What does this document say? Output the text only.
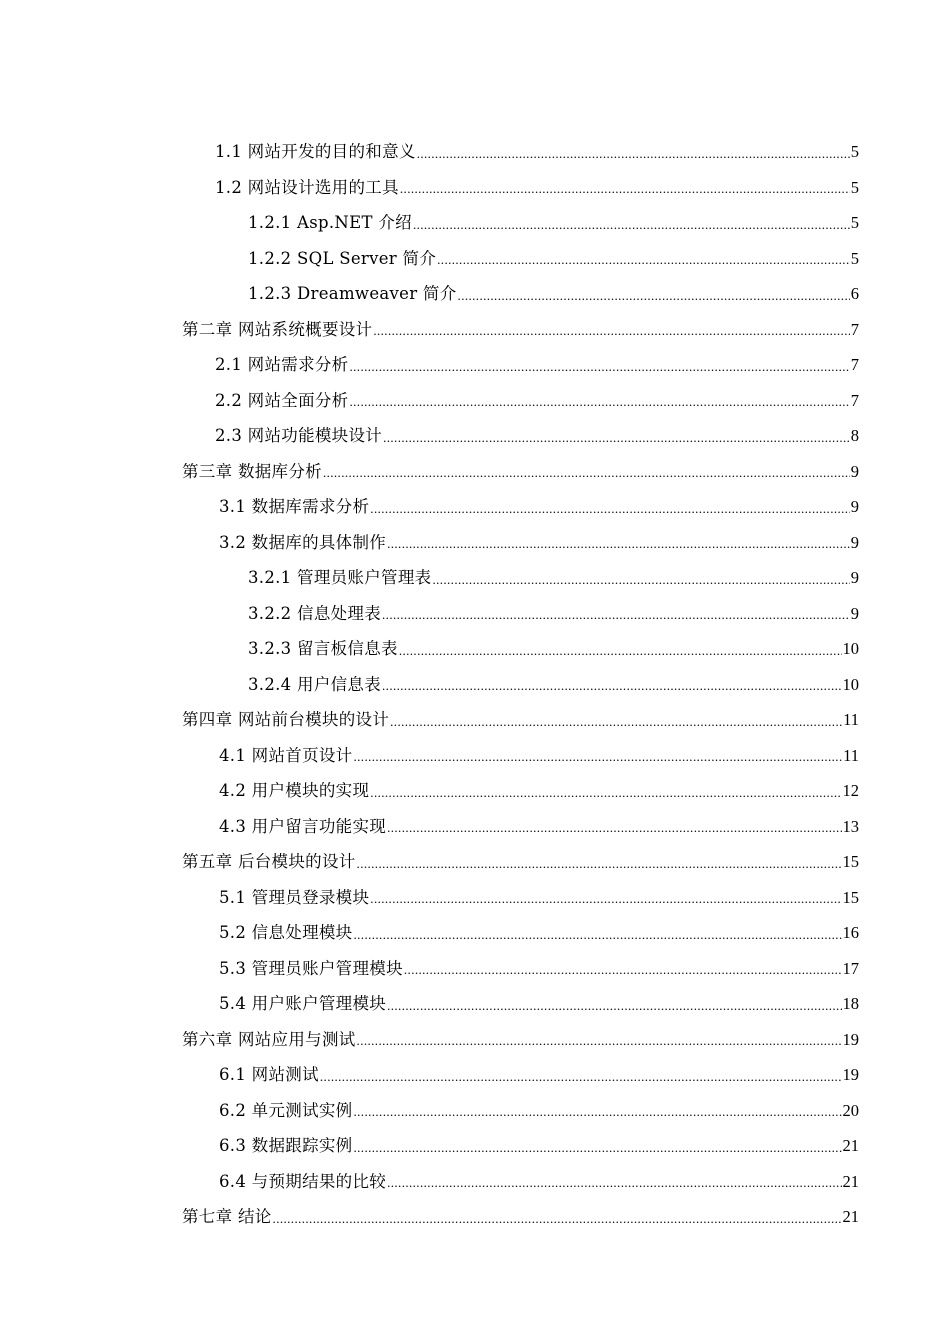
1.1 网站开发的目的和意义 .....	5
1.2 网站设计选用的工具 .....	5
1.2.1 Asp.NET 介绍 .....	5
1.2.2 SQL Server 简介 .....	5
1.2.3 Dreamweaver 简介 .....	6
第二章 网站系统概要设计 .....	7
2.1 网站需求分析 .....	7
2.2 网站全面分析 .....	7
2.3 网站功能模块设计 .....	8
第三章 数据库分析 .....	9
3.1 数据库需求分析 .....	9
3.2 数据库的具体制作 .....	9
3.2.1 管理员账户管理表 .....	9
3.2.2 信息处理表 .....	9
3.2.3 留言板信息表 .....	10
3.2.4 用户信息表 .....	10
第四章 网站前台模块的设计 .....	11
4.1 网站首页设计 .....	11
4.2 用户模块的实现 .....	12
4.3 用户留言功能实现 .....	13
第五章 后台模块的设计 .....	15
5.1 管理员登录模块 .....	15
5.2 信息处理模块 .....	16
5.3 管理员账户管理模块 .....	17
5.4 用户账户管理模块 .....	18
第六章 网站应用与测试 .....	19
6.1 网站测试 .....	19
6.2 单元测试实例 .....	20
6.3 数据跟踪实例 .....	21
6.4 与预期结果的比较 .....	21
第七章 结论 .....	21
